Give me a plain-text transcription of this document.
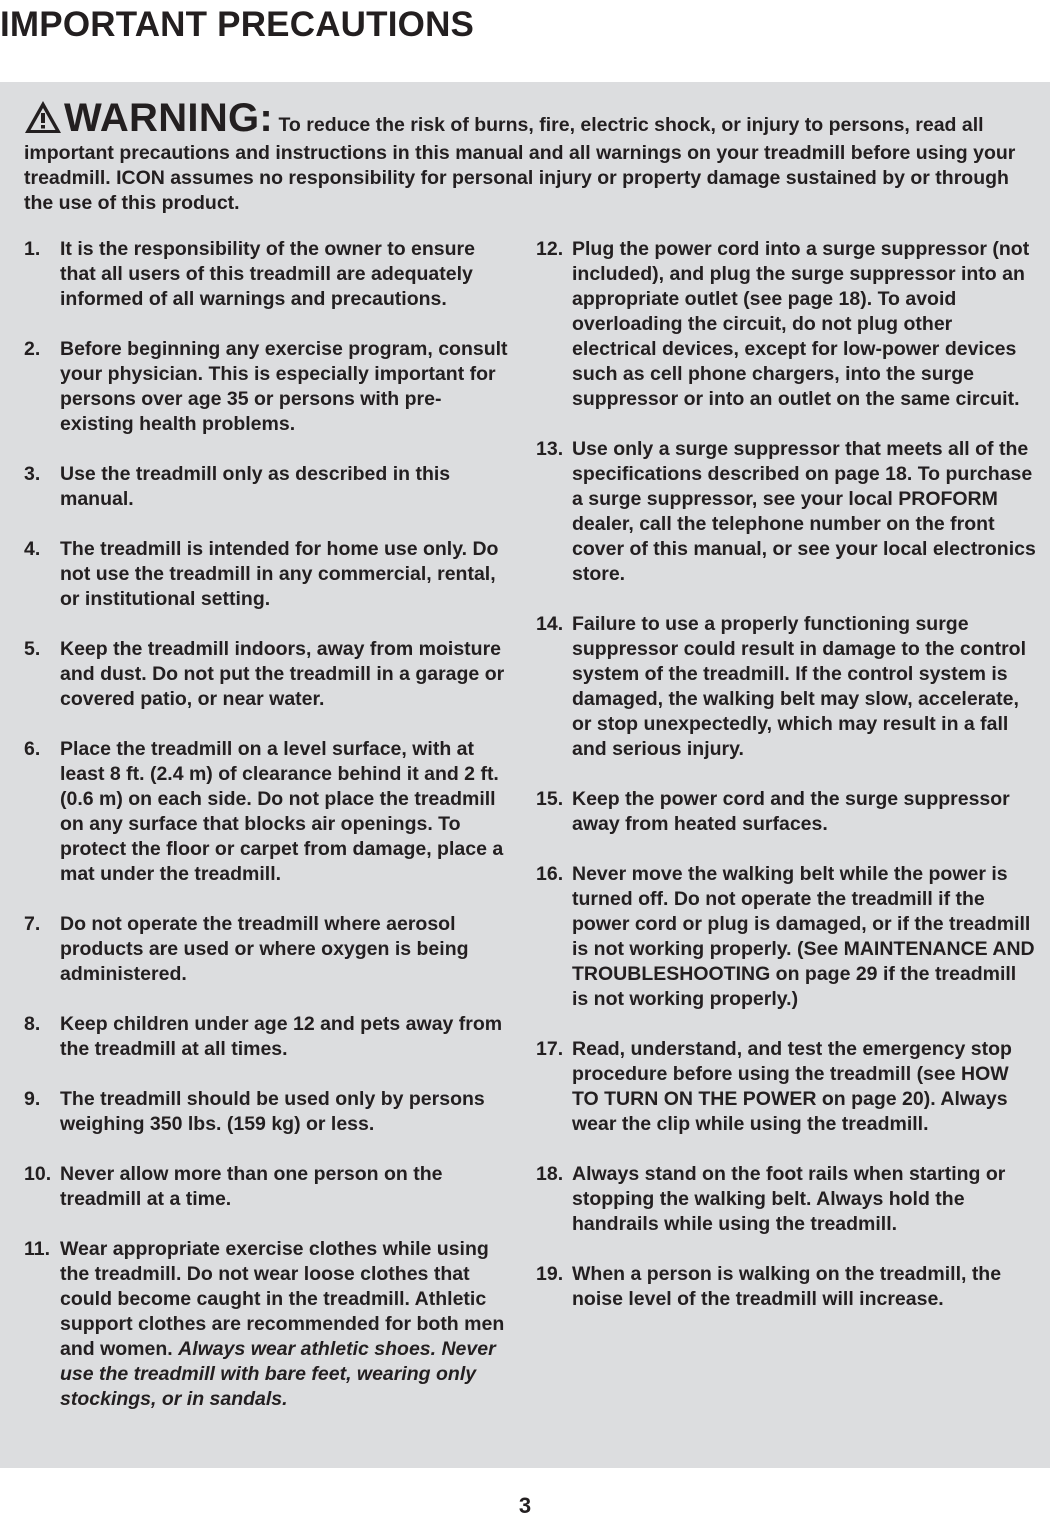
IMPORTANT PRECAUTIONS
WARNING: To reduce the risk of burns, fire, electric shock, or injury to persons, read all important precautions and instructions in this manual and all warnings on your treadmill before using your treadmill. ICON assumes no responsibility for personal injury or property damage sustained by or through the use of this product.
1. It is the responsibility of the owner to ensure that all users of this treadmill are adequately informed of all warnings and precautions.
2. Before beginning any exercise program, consult your physician. This is especially important for persons over age 35 or persons with pre-existing health problems.
3. Use the treadmill only as described in this manual.
4. The treadmill is intended for home use only. Do not use the treadmill in any commercial, rental, or institutional setting.
5. Keep the treadmill indoors, away from moisture and dust. Do not put the treadmill in a garage or covered patio, or near water.
6. Place the treadmill on a level surface, with at least 8 ft. (2.4 m) of clearance behind it and 2 ft. (0.6 m) on each side. Do not place the treadmill on any surface that blocks air openings. To protect the floor or carpet from damage, place a mat under the treadmill.
7. Do not operate the treadmill where aerosol products are used or where oxygen is being administered.
8. Keep children under age 12 and pets away from the treadmill at all times.
9. The treadmill should be used only by persons weighing 350 lbs. (159 kg) or less.
10. Never allow more than one person on the treadmill at a time.
11. Wear appropriate exercise clothes while using the treadmill. Do not wear loose clothes that could become caught in the treadmill. Athletic support clothes are recommended for both men and women. Always wear athletic shoes. Never use the treadmill with bare feet, wearing only stockings, or in sandals.
12. Plug the power cord into a surge suppressor (not included), and plug the surge suppressor into an appropriate outlet (see page 18). To avoid overloading the circuit, do not plug other electrical devices, except for low-power devices such as cell phone chargers, into the surge suppressor or into an outlet on the same circuit.
13. Use only a surge suppressor that meets all of the specifications described on page 18. To purchase a surge suppressor, see your local PROFORM dealer, call the telephone number on the front cover of this manual, or see your local electronics store.
14. Failure to use a properly functioning surge suppressor could result in damage to the control system of the treadmill. If the control system is damaged, the walking belt may slow, accelerate, or stop unexpectedly, which may result in a fall and serious injury.
15. Keep the power cord and the surge suppressor away from heated surfaces.
16. Never move the walking belt while the power is turned off. Do not operate the treadmill if the power cord or plug is damaged, or if the treadmill is not working properly. (See MAINTENANCE AND TROUBLESHOOTING on page 29 if the treadmill is not working properly.)
17. Read, understand, and test the emergency stop procedure before using the treadmill (see HOW TO TURN ON THE POWER on page 20). Always wear the clip while using the treadmill.
18. Always stand on the foot rails when starting or stopping the walking belt. Always hold the handrails while using the treadmill.
19. When a person is walking on the treadmill, the noise level of the treadmill will increase.
3
